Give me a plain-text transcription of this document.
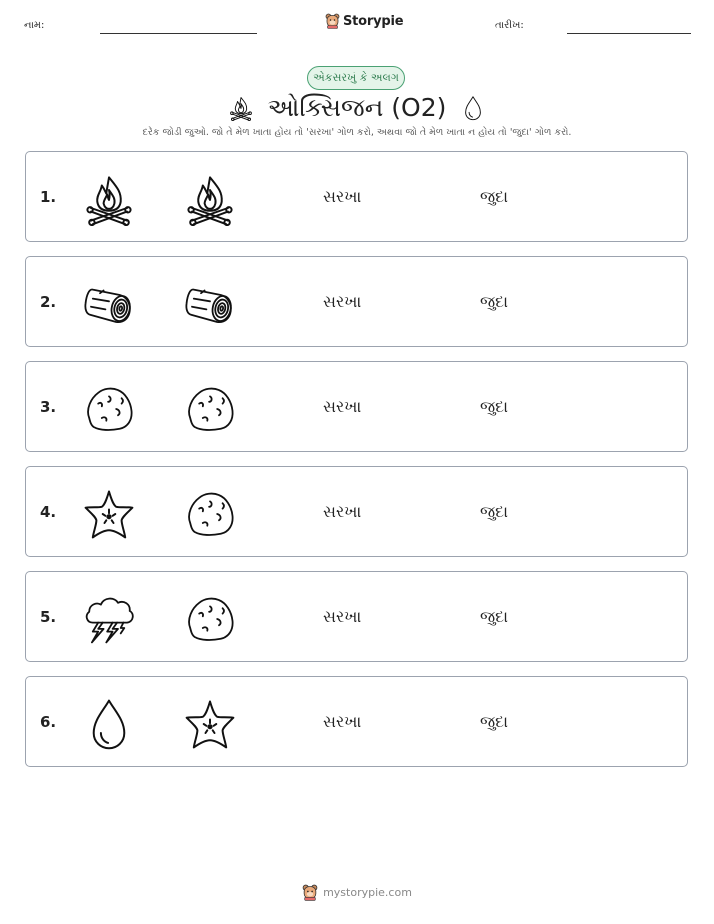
નામ:	Storypie	તારીખ:
એકસરખું કે અલગ
ઓક્સિજન (O2)
દરેક જોડી જુઓ. જો તે મેળ ખાતા હોય તો 'સરખા' ગોળ કરો, અથવા જો તે મેળ ખાતા ન હોય તો 'જુદા' ગોળ કરો.
1.	સરખા	જુદા
2.	સરખા	જુદા
3.	સરખા	જુદા
4.	સરખા	જુદા
5.	સરખા	જુદા
6.	સરખા	જુદા
mystorypie.com
